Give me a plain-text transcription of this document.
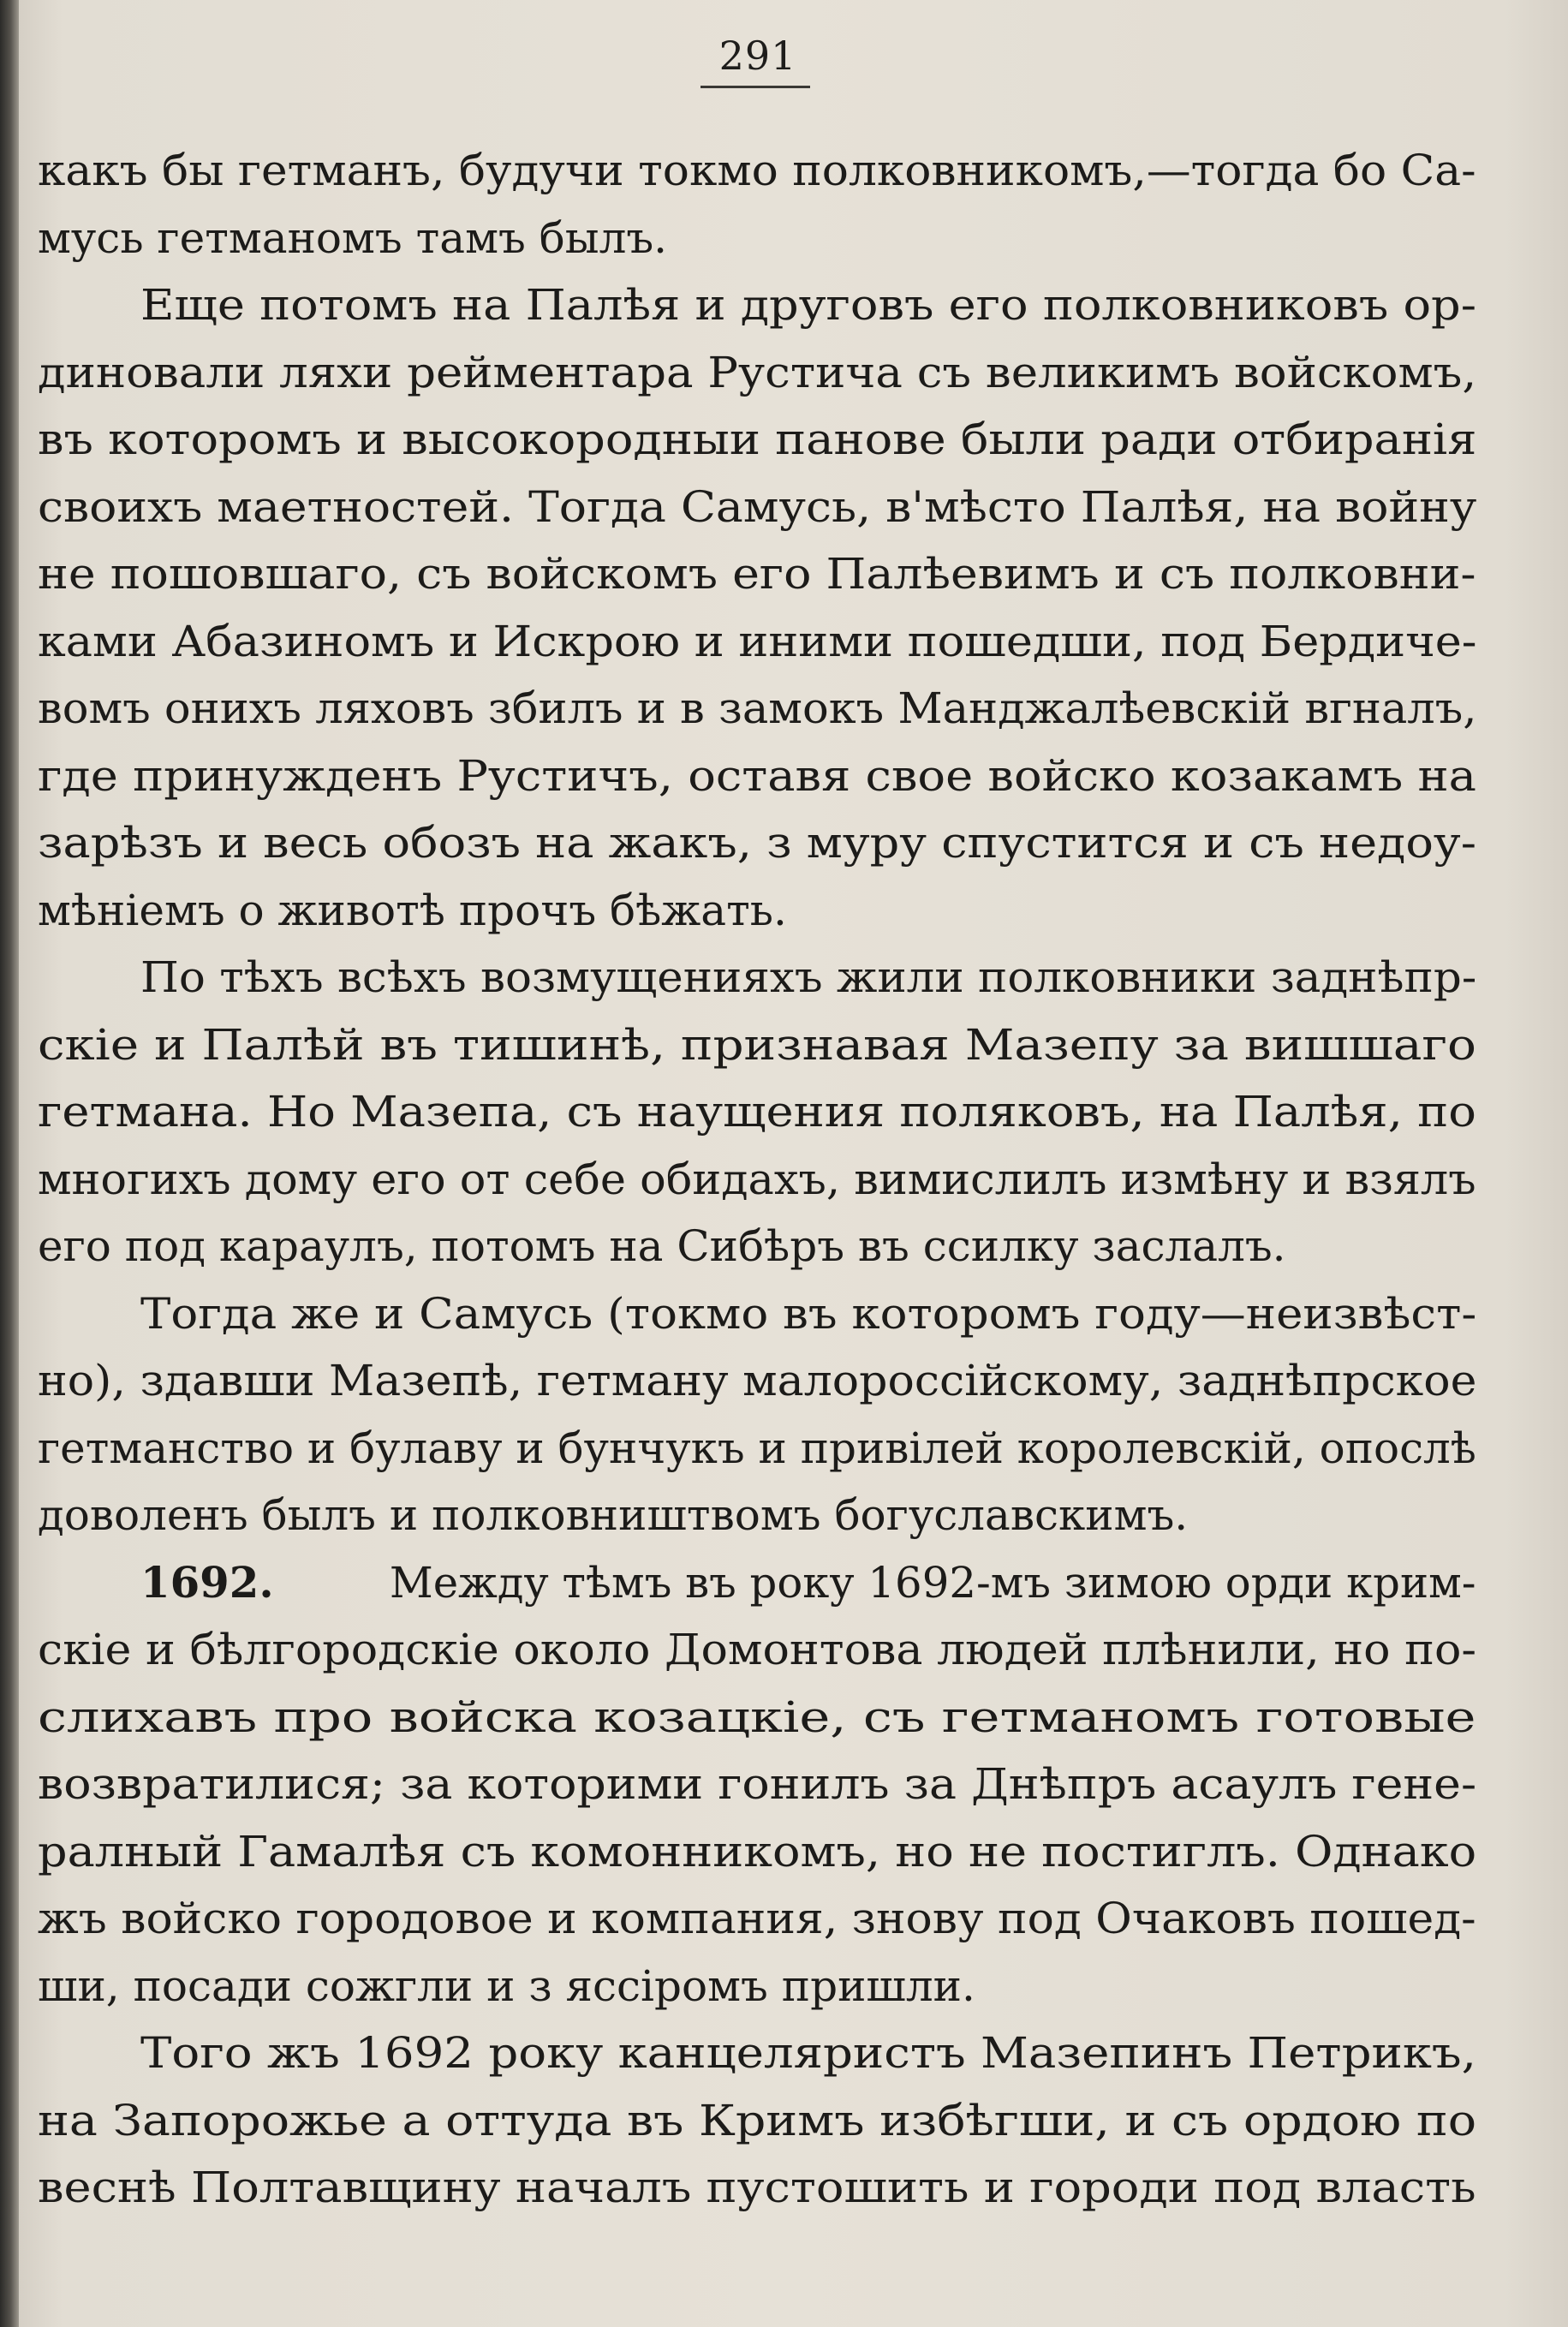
291
какъ бы гетманъ, будучи токмо полковникомъ,—тогда бо Са-
мусь гетманомъ тамъ былъ.
Еще потомъ на Палѣя и друговъ его полковниковъ ор-
диновали ляхи рейментара Рустича съ великимъ войскомъ,
въ которомъ и высокородныи панове были ради отбиранія
своихъ маетностей. Тогда Самусь, в'мѣсто Палѣя, на войну
не пошовшаго, съ войскомъ его Палѣевимъ и съ полковни-
ками Абазиномъ и Искрою и иними пошедши, под Бердиче-
вомъ онихъ ляховъ збилъ и в замокъ Манджалѣевскій вгналъ,
где принужденъ Рустичъ, оставя свое войско козакамъ на
зарѣзъ и весь обозъ на жакъ, з муру спустится и съ недоу-
мѣніемъ о животѣ прочъ бѣжать.
По тѣхъ всѣхъ возмущенияхъ жили полковники заднѣпр-
скіе и Палѣй въ тишинѣ, признавая Мазепу за вишшаго
гетмана. Но Мазепа, съ наущения поляковъ, на Палѣя, по
многихъ дому его от себе обидахъ, вимислилъ измѣну и взялъ
его под караулъ, потомъ на Сибѣръ въ ссилку заслалъ.
Тогда же и Самусь (токмо въ которомъ году—неизвѣст-
но), здавши Мазепѣ, гетману малороссійскому, заднѣпрское
гетманство и булаву и бунчукъ и привілей королевскій, опослѣ
доволенъ былъ и полковништвомъ богуславскимъ.
1692.	Между тѣмъ въ року 1692-мъ зимою орди крим-
скіе и бѣлгородскіе около Домонтова людей плѣнили, но по-
слихавъ про войска козацкіе, съ гетманомъ готовые
возвратилися; за которими гонилъ за Днѣпръ асаулъ гене-
ралный Гамалѣя съ комонникомъ, но не постиглъ. Однако
жъ войско городовое и компания, знову под Очаковъ пошед-
ши, посади сожгли и з яссіромъ пришли.
Того жъ 1692 року канцеляристъ Мазепинъ Петрикъ,
на Запорожье а оттуда въ Кримъ избѣгши, и съ ордою по
веснѣ Полтавщину началъ пустошить и городи под власть
